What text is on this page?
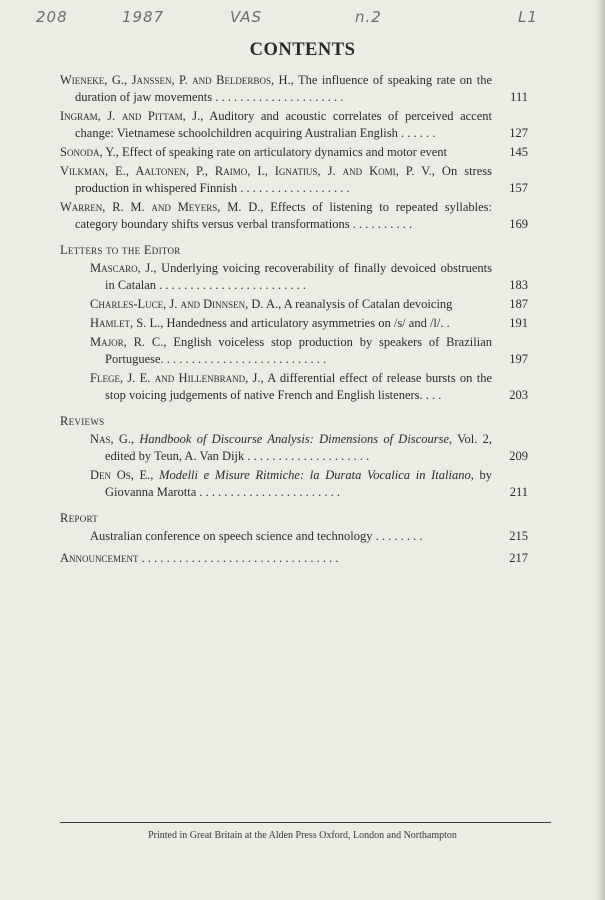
208	1987	VAS	n.2	L1
CONTENTS
Wieneke, G., Janssen, P. and Belderbos, H., The influence of speaking rate on the duration of jaw movements . . . . . . . . . . . . . . . . . . . . .	111
Ingram, J. and Pittam, J., Auditory and acoustic correlates of perceived accent change: Vietnamese schoolchildren acquiring Australian English . . . . . .	127
Sonoda, Y., Effect of speaking rate on articulatory dynamics and motor event	145
Vilkman, E., Aaltonen, P., Raimo, I., Ignatius, J. and Komi, P. V., On stress production in whispered Finnish . . . . . . . . . . . . . . . . . .	157
Warren, R. M. and Meyers, M. D., Effects of listening to repeated syllables: category boundary shifts versus verbal transformations . . . . . . . . . .	169
Letters to the Editor
Mascaro, J., Underlying voicing recoverability of finally devoiced obstruents in Catalan . . . . . . . . . . . . . . . . . . . . . . . .	183
Charles-Luce, J. and Dinnsen, D. A., A reanalysis of Catalan devoicing	187
Hamlet, S. L., Handedness and articulatory asymmetries on /s/ and /l/. .	191
Major, R. C., English voiceless stop production by speakers of Brazilian Portuguese. . . . . . . . . . . . . . . . . . . . . . . . . . .	197
Flege, J. E. and Hillenbrand, J., A differential effect of release bursts on the stop voicing judgements of native French and English listeners. . . .	203
Reviews
Nas, G., Handbook of Discourse Analysis: Dimensions of Discourse, Vol. 2, edited by Teun, A. Van Dijk . . . . . . . . . . . . . . . . . . . .	209
Den Os, E., Modelli e Misure Ritmiche: la Durata Vocalica in Italiano, by Giovanna Marotta . . . . . . . . . . . . . . . . . . . . . . .	211
Report
Australian conference on speech science and technology . . . . . . . .	215
Announcement . . . . . . . . . . . . . . . . . . . . . . . . . . . . . . . .	217
Printed in Great Britain at the Alden Press Oxford, London and Northampton
